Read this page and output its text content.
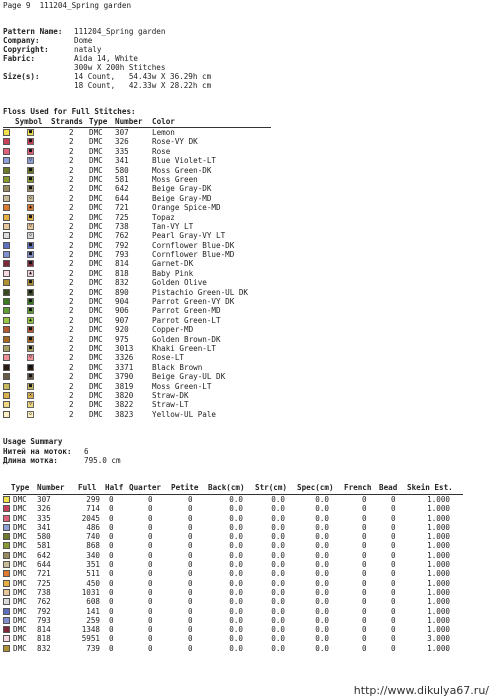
Page 9  111204_Spring garden
Pattern Name: 111204_Spring garden
Company:	Dome
Copyright:	nataly
Fabric:	Aida 14, White
300w X 200h Stitches
Size(s):	14 Count,   54.43w X 36.29h cm
18 Count,   42.33w X 28.22h cm
Floss Used for Full Stitches:
Symbol Strands Type Number Color
■	2 DMC 307	Lemon
■	2 DMC 326	Rose-VY DK
■	2 DMC 335	Rose
▽	2 DMC 341	Blue Violet-LT
■	2 DMC 580	Moss Green-DK
■	2 DMC 581	Moss Green
■	2 DMC 642	Beige Gray-DK
◇	2 DMC 644	Beige Gray-MD
▲	2 DMC 721	Orange Spice-MD
■	2 DMC 725	Topaz
▽	2 DMC 738	Tan-VY LT
◇	2 DMC 762	Pearl Gray-VY LT
■	2 DMC 792	Cornflower Blue-DK
■	2 DMC 793	Cornflower Blue-MD
■	2 DMC 814	Garnet-DK
▲	2 DMC 818	Baby Pink
■	2 DMC 832	Golden Olive
■	2 DMC 890	Pistachio Green-UL DK
■	2 DMC 904	Parrot Green-VY DK
■	2 DMC 906	Parrot Green-MD
▲	2 DMC 907	Parrot Green-LT
■	2 DMC 920	Copper-MD
■	2 DMC 975	Golden Brown-DK
■	2 DMC 3013 Khaki Green-LT
▽	2 DMC 3326 Rose-LT
■	2 DMC 3371 Black Brown
■	2 DMC 3790 Beige Gray-UL DK
■	2 DMC 3819 Moss Green-LT
✕	2 DMC 3820 Straw-DK
▽	2 DMC 3822 Straw-LT
◇	2 DMC 3823 Yellow-UL Pale
Usage Summary
Нитей на моток: 6
Длина мотка:	795.0 cm
Type Number Full Half Quarter Petite Back(cm) Str(cm) Spec(cm) French Bead Skein Est.
DMC 307	299 0	0	0	0.0	0.0	0.0	0	0	1.000
DMC 326	714 0	0	0	0.0	0.0	0.0	0	0	1.000
DMC 335	2045 0	0	0	0.0	0.0	0.0	0	0	1.000
DMC 341	486 0	0	0	0.0	0.0	0.0	0	0	1.000
DMC 580	740 0	0	0	0.0	0.0	0.0	0	0	1.000
DMC 581	868 0	0	0	0.0	0.0	0.0	0	0	1.000
DMC 642	340 0	0	0	0.0	0.0	0.0	0	0	1.000
DMC 644	351 0	0	0	0.0	0.0	0.0	0	0	1.000
DMC 721	511 0	0	0	0.0	0.0	0.0	0	0	1.000
DMC 725	450 0	0	0	0.0	0.0	0.0	0	0	1.000
DMC 738	1031 0	0	0	0.0	0.0	0.0	0	0	1.000
DMC 762	608 0	0	0	0.0	0.0	0.0	0	0	1.000
DMC 792	141 0	0	0	0.0	0.0	0.0	0	0	1.000
DMC 793	259 0	0	0	0.0	0.0	0.0	0	0	1.000
DMC 814	1348 0	0	0	0.0	0.0	0.0	0	0	1.000
DMC 818	5951 0	0	0	0.0	0.0	0.0	0	0	3.000
DMC 832	739 0	0	0	0.0	0.0	0.0	0	0	1.000
http://www.dikulya67.ru/
